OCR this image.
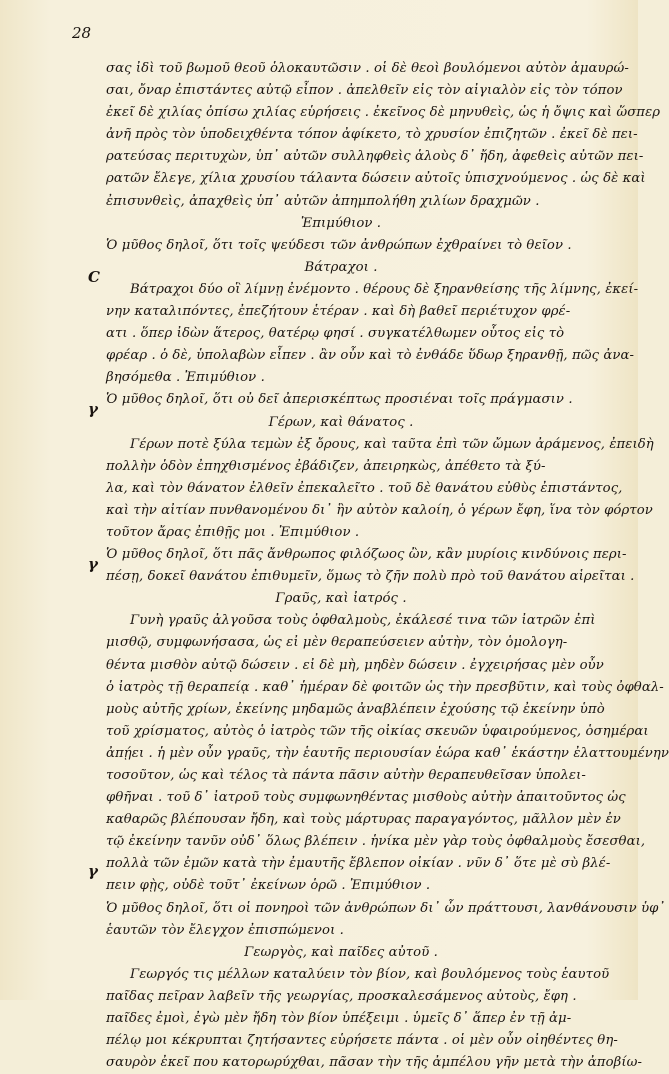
28
C
γ
γ
γ
σας ἰδὶ τοῦ βωμοῦ θεοῦ ὁλοκαυτῶσιν . οἱ δὲ θεοὶ βουλόμενοι αὐτὸν ἀμαυρώ-
σαι, ὄναρ ἐπιστάντες αὐτῷ εἶπον . ἀπελθεῖν εἰς τὸν αἰγιαλὸν εἰς τὸν τόπον
ἐκεῖ δὲ χιλίας ὀπίσω χιλίας εὑρήσεις . ἐκεῖνος δὲ μηνυθεὶς, ὡς ἡ ὄψις καὶ ὥσπερ
ἀνῆ πρὸς τὸν ὑποδειχθέντα τόπον ἀφίκετο, τὸ χρυσίον ἐπιζητῶν . ἐκεῖ δὲ πει-
ρατεύσας περιτυχὼν, ὑπ᾽ αὐτῶν συλληφθεὶς ἁλοὺς δ᾽ ἤδη, ἀφεθεὶς αὐτῶν πει-
ρατῶν ἔλεγε, χίλια χρυσίου τάλαντα δώσειν αὐτοῖς ὑπισχνούμενος . ὡς δὲ καὶ
ἐπισυνθεὶς, ἀπαχθεὶς ὑπ᾽ αὐτῶν ἀπημπολήθη χιλίων δραχμῶν .
Ἐπιμύθιον .
Ὁ μῦθος δηλοῖ, ὅτι τοῖς ψεύδεσι τῶν ἀνθρώπων ἐχθραίνει τὸ θεῖον .
Βάτραχοι .
Βάτραχοι δύο οἳ λίμνῃ ἐνέμοντο . θέρους δὲ ξηρανθείσης τῆς λίμνης, ἐκεί-
νην καταλιπόντες, ἐπεζήτουν ἑτέραν . καὶ δὴ βαθεῖ περιέτυχον φρέ-
ατι . ὅπερ ἰδὼν ἅτερος, θατέρῳ φησί . συγκατέλθωμεν οὗτος εἰς τὸ
φρέαρ . ὁ δὲ, ὑπολαβὼν εἶπεν . ἂν οὖν καὶ τὸ ἐνθάδε ὕδωρ ξηρανθῇ, πῶς ἀνα-
βησόμεθα . Ἐπιμύθιον .
Ὁ μῦθος δηλοῖ, ὅτι οὐ δεῖ ἀπερισκέπτως προσιέναι τοῖς πράγμασιν .
Γέρων, καὶ θάνατος .
Γέρων ποτὲ ξύλα τεμὼν ἐξ ὄρους, καὶ ταῦτα ἐπὶ τῶν ὤμων ἀράμενος, ἐπειδὴ
πολλὴν ὁδὸν ἐπηχθισμένος ἐβάδιζεν, ἀπειρηκὼς, ἀπέθετο τὰ ξύ-
λα, καὶ τὸν θάνατον ἐλθεῖν ἐπεκαλεῖτο . τοῦ δὲ θανάτου εὐθὺς ἐπιστάντος,
καὶ τὴν αἰτίαν πυνθανομένου δι᾽ ἣν αὐτὸν καλοίη, ὁ γέρων ἔφη, ἵνα τὸν φόρτον
τοῦτον ἄρας ἐπιθῇς μοι . Ἐπιμύθιον .
Ὁ μῦθος δηλοῖ, ὅτι πᾶς ἄνθρωπος φιλόζωος ὢν, κἂν μυρίοις κινδύνοις περι-
πέσῃ, δοκεῖ θανάτου ἐπιθυμεῖν, ὅμως τὸ ζῆν πολὺ πρὸ τοῦ θανάτου αἱρεῖται .
Γραῦς, καὶ ἰατρός .
Γυνὴ γραῦς ἀλγοῦσα τοὺς ὀφθαλμοὺς, ἐκάλεσέ τινα τῶν ἰατρῶν ἐπὶ
μισθῷ, συμφωνήσασα, ὡς εἰ μὲν θεραπεύσειεν αὐτὴν, τὸν ὁμολογη-
θέντα μισθὸν αὐτῷ δώσειν . εἰ δὲ μὴ, μηδὲν δώσειν . ἐγχειρήσας μὲν οὖν
ὁ ἰατρὸς τῇ θεραπείᾳ . καθ᾽ ἡμέραν δὲ φοιτῶν ὡς τὴν πρεσβῦτιν, καὶ τοὺς ὀφθαλ-
μοὺς αὐτῆς χρίων, ἐκείνης μηδαμῶς ἀναβλέπειν ἐχούσης τῷ ἐκείνην ὑπὸ
τοῦ χρίσματος, αὐτὸς ὁ ἰατρὸς τῶν τῆς οἰκίας σκευῶν ὑφαιρούμενος, ὁσημέραι
ἀπῄει . ἡ μὲν οὖν γραῦς, τὴν ἑαυτῆς περιουσίαν ἑώρα καθ᾽ ἑκάστην ἐλαττουμένην
τοσοῦτον, ὡς καὶ τέλος τὰ πάντα πᾶσιν αὐτὴν θεραπευθεῖσαν ὑπολει-
φθῆναι . τοῦ δ᾽ ἰατροῦ τοὺς συμφωνηθέντας μισθοὺς αὐτὴν ἀπαιτοῦντος ὡς
καθαρῶς βλέπουσαν ἤδη, καὶ τοὺς μάρτυρας παραγαγόντος, μᾶλλον μὲν ἐν
τῷ ἐκείνην τανῦν οὐδ᾽ ὅλως βλέπειν . ἡνίκα μὲν γὰρ τοὺς ὀφθαλμοὺς ἔσεσθαι,
πολλὰ τῶν ἐμῶν κατὰ τὴν ἐμαυτῆς ἔβλεπον οἰκίαν . νῦν δ᾽ ὅτε μὲ σὺ βλέ-
πειν φῂς, οὐδὲ τοῦτ᾽ ἐκείνων ὁρῶ . Ἐπιμύθιον .
Ὁ μῦθος δηλοῖ, ὅτι οἱ πονηροὶ τῶν ἀνθρώπων δι᾽ ὧν πράττουσι, λανθάνουσιν ὑφ᾽
ἑαυτῶν τὸν ἔλεγχον ἐπισπώμενοι .
Γεωργὸς, καὶ παῖδες αὐτοῦ .
Γεωργός τις μέλλων καταλύειν τὸν βίον, καὶ βουλόμενος τοὺς ἑαυτοῦ
παῖδας πεῖραν λαβεῖν τῆς γεωργίας, προσκαλεσάμενος αὐτοὺς, ἔφη .
παῖδες ἐμοὶ, ἐγὼ μὲν ἤδη τὸν βίον ὑπέξειμι . ὑμεῖς δ᾽ ἅπερ ἐν τῇ ἀμ-
πέλῳ μοι κέκρυπται ζητήσαντες εὑρήσετε πάντα . οἱ μὲν οὖν οἰηθέντες θη-
σαυρὸν ἐκεῖ που κατορωρύχθαι, πᾶσαν τὴν τῆς ἀμπέλου γῆν μετὰ τὴν ἀποβίω-
